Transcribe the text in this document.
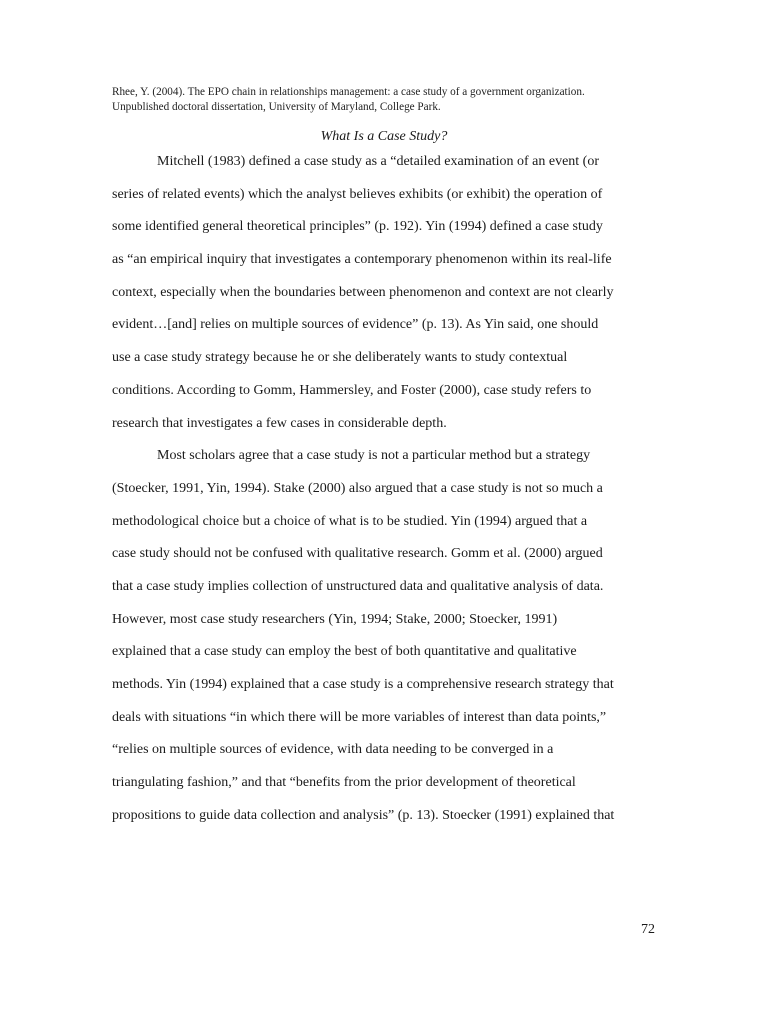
Rhee, Y. (2004). The EPO chain in relationships management: a case study of a government organization.
Unpublished doctoral dissertation, University of Maryland, College Park.
What Is a Case Study?
Mitchell (1983) defined a case study as a “detailed examination of an event (or
series of related events) which the analyst believes exhibits (or exhibit) the operation of
some identified general theoretical principles” (p. 192). Yin (1994) defined a case study
as “an empirical inquiry that investigates a contemporary phenomenon within its real-life
context, especially when the boundaries between phenomenon and context are not clearly
evident…[and] relies on multiple sources of evidence” (p. 13). As Yin said, one should
use a case study strategy because he or she deliberately wants to study contextual
conditions. According to Gomm, Hammersley, and Foster (2000), case study refers to
research that investigates a few cases in considerable depth.
Most scholars agree that a case study is not a particular method but a strategy
(Stoecker, 1991, Yin, 1994). Stake (2000) also argued that a case study is not so much a
methodological choice but a choice of what is to be studied. Yin (1994) argued that a
case study should not be confused with qualitative research. Gomm et al. (2000) argued
that a case study implies collection of unstructured data and qualitative analysis of data.
However, most case study researchers (Yin, 1994; Stake, 2000; Stoecker, 1991)
explained that a case study can employ the best of both quantitative and qualitative
methods. Yin (1994) explained that a case study is a comprehensive research strategy that
deals with situations “in which there will be more variables of interest than data points,”
“relies on multiple sources of evidence, with data needing to be converged in a
triangulating fashion,” and that “benefits from the prior development of theoretical
propositions to guide data collection and analysis” (p. 13). Stoecker (1991) explained that
72
